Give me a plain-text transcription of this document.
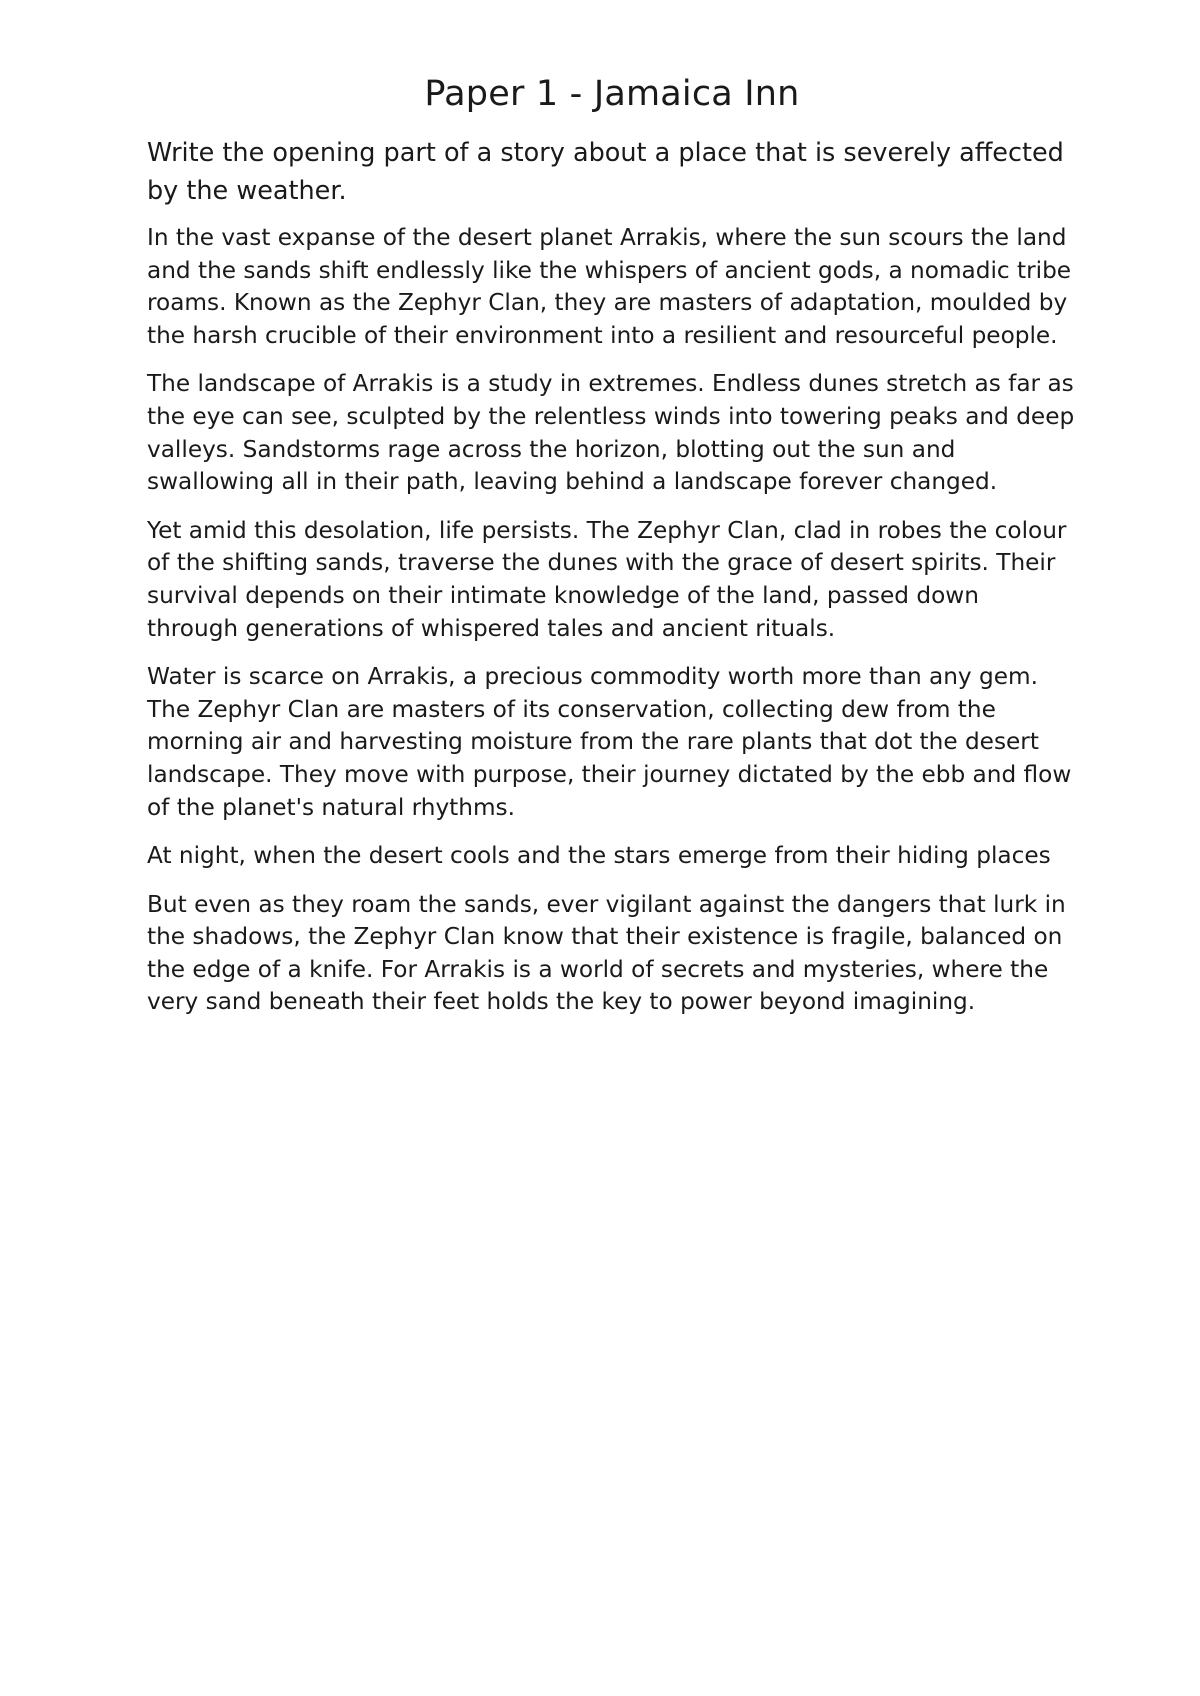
Paper 1 - Jamaica Inn
Write the opening part of a story about a place that is severely affected by the weather.

In the vast expanse of the desert planet Arrakis, where the sun scours the land and the sands shift endlessly like the whispers of ancient gods, a nomadic tribe roams. Known as the Zephyr Clan, they are masters of adaptation, moulded by the harsh crucible of their environment into a resilient and resourceful people.

The landscape of Arrakis is a study in extremes. Endless dunes stretch as far as the eye can see, sculpted by the relentless winds into towering peaks and deep valleys. Sandstorms rage across the horizon, blotting out the sun and swallowing all in their path, leaving behind a landscape forever changed.

Yet amid this desolation, life persists. The Zephyr Clan, clad in robes the colour of the shifting sands, traverse the dunes with the grace of desert spirits. Their survival depends on their intimate knowledge of the land, passed down through generations of whispered tales and ancient rituals.

Water is scarce on Arrakis, a precious commodity worth more than any gem. The Zephyr Clan are masters of its conservation, collecting dew from the morning air and harvesting moisture from the rare plants that dot the desert landscape. They move with purpose, their journey dictated by the ebb and flow of the planet's natural rhythms.

At night, when the desert cools and the stars emerge from their hiding places

But even as they roam the sands, ever vigilant against the dangers that lurk in the shadows, the Zephyr Clan know that their existence is fragile, balanced on the edge of a knife. For Arrakis is a world of secrets and mysteries, where the very sand beneath their feet holds the key to power beyond imagining.
